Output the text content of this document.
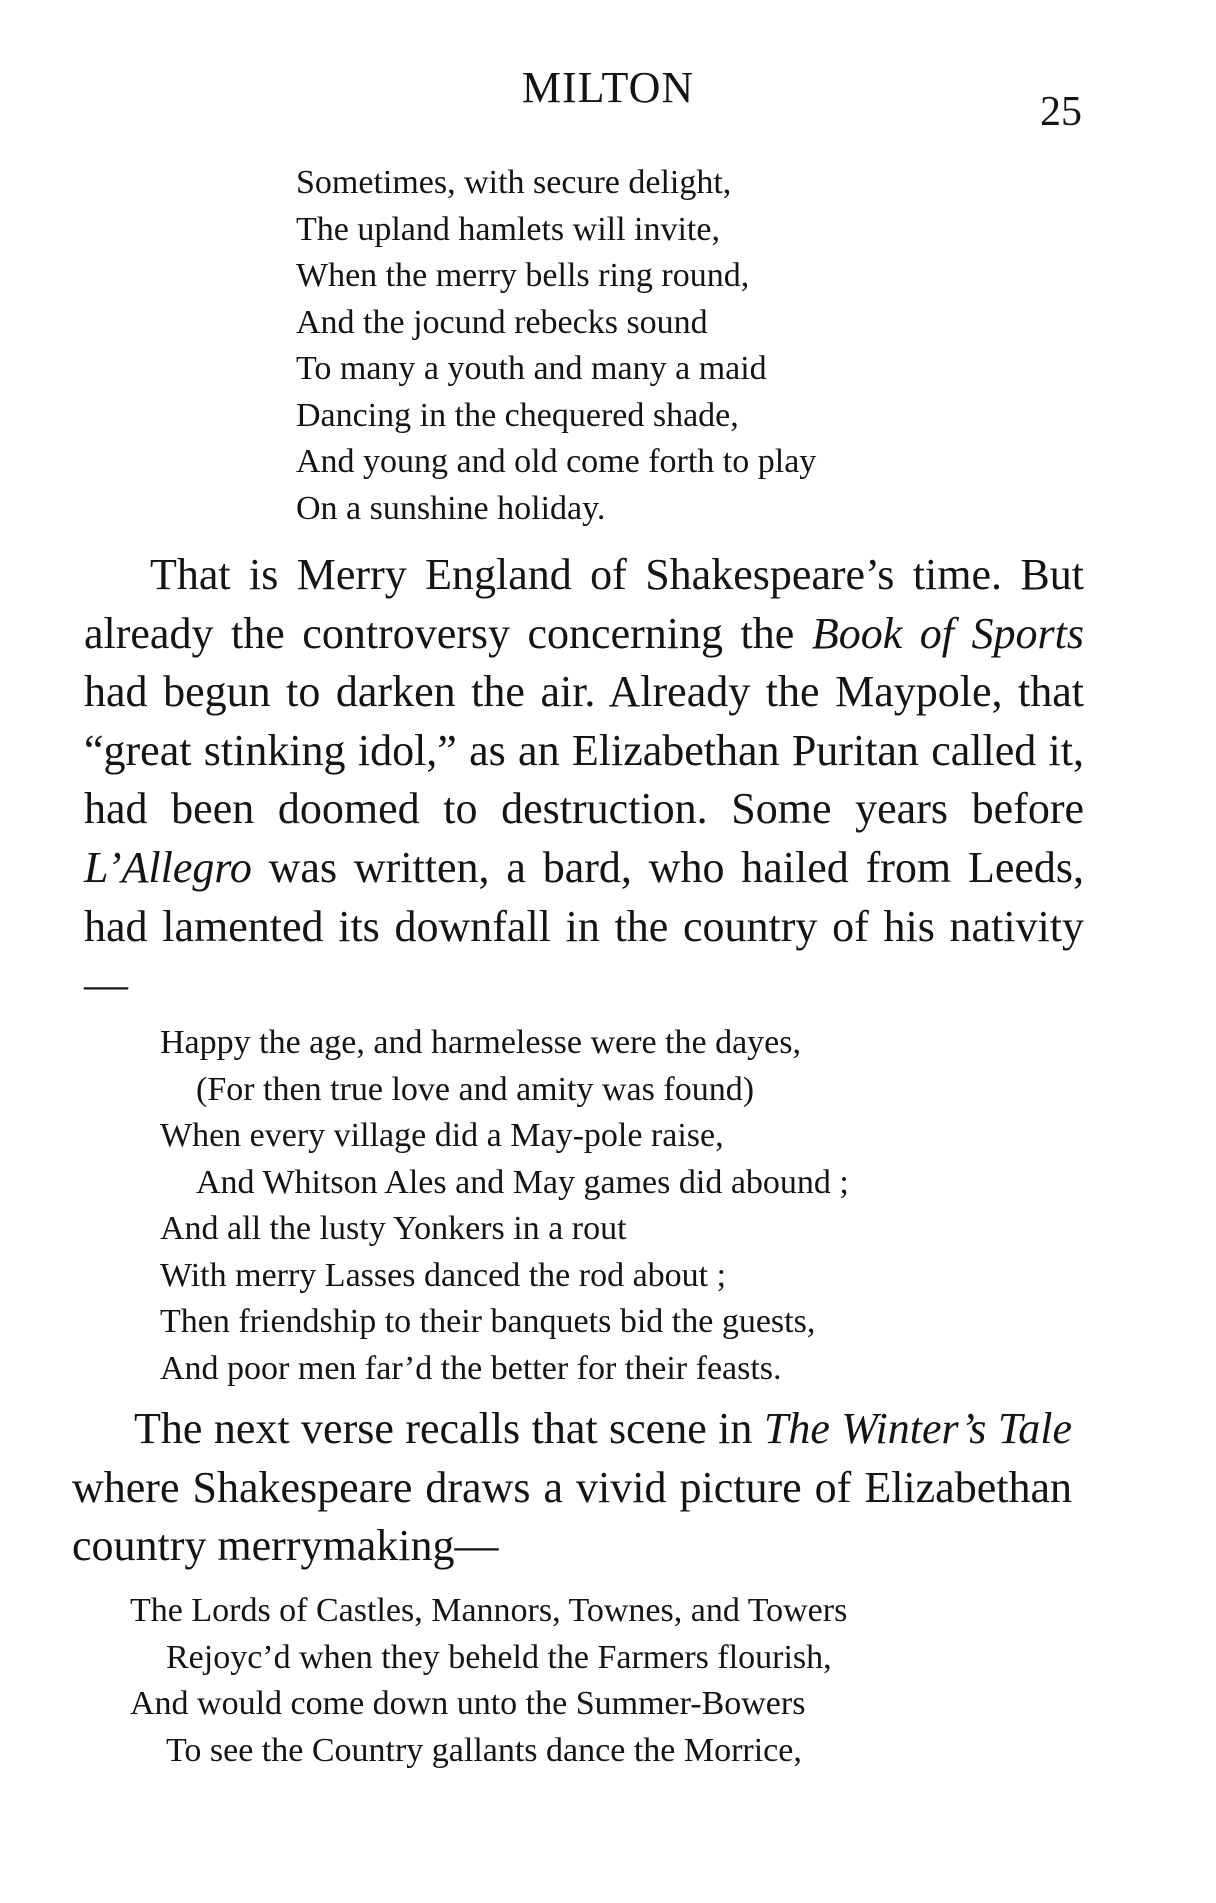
MILTON	25
Sometimes, with secure delight,
The upland hamlets will invite,
When the merry bells ring round,
And the jocund rebecks sound
To many a youth and many a maid
Dancing in the chequered shade,
And young and old come forth to play
On a sunshine holiday.
That is Merry England of Shakespeare’s time. But already the controversy concerning the Book of Sports had begun to darken the air. Already the Maypole, that “great stinking idol,” as an Elizabethan Puritan called it, had been doomed to destruction. Some years before L’Allegro was written, a bard, who hailed from Leeds, had lamented its downfall in the country of his nativity—
Happy the age, and harmelesse were the dayes,
(For then true love and amity was found)
When every village did a May-pole raise,
And Whitson Ales and May games did abound ;
And all the lusty Yonkers in a rout
With merry Lasses danced the rod about ;
Then friendship to their banquets bid the guests,
And poor men far’d the better for their feasts.
The next verse recalls that scene in The Winter’s Tale where Shakespeare draws a vivid picture of Elizabethan country merrymaking—
The Lords of Castles, Mannors, Townes, and Towers
Rejoyc’d when they beheld the Farmers flourish,
And would come down unto the Summer-Bowers
To see the Country gallants dance the Morrice,
